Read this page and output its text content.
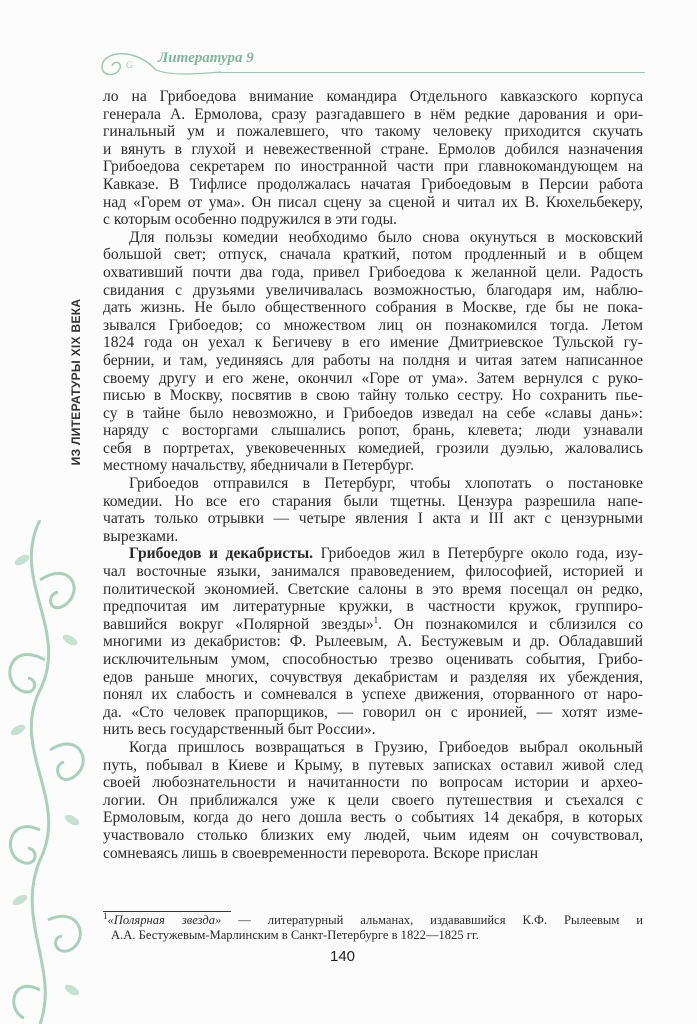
G Литература 9
ИЗ ЛИТЕРАТУРЫ XIX ВЕКА
ло на Грибоедова внимание командира Отдельного кавказского корпуса
генерала А. Ермолова, сразу разгадавшего в нём редкие дарования и ори-
гинальный ум и пожалевшего, что такому человеку приходится скучать
и вянуть в глухой и невежественной стране. Ермолов добился назначения
Грибоедова секретарем по иностранной части при главнокомандующем на
Кавказе. В Тифлисе продолжалась начатая Грибоедовым в Персии работа
над «Горем от ума». Он писал сцену за сценой и читал их В. Кюхельбекеру,
с которым особенно подружился в эти годы.
Для пользы комедии необходимо было снова окунуться в московский
большой свет; отпуск, сначала краткий, потом продленный и в общем
охвативший почти два года, привел Грибоедова к желанной цели. Радость
свидания с друзьями увеличивалась возможностью, благодаря им, наблю-
дать жизнь. Не было общественного собрания в Москве, где бы не пока-
зывался Грибоедов; со множеством лиц он познакомился тогда. Летом
1824 года он уехал к Бегичеву в его имение Дмитриевское Тульской гу-
бернии, и там, уединяясь для работы на полдня и читая затем написанное
своему другу и его жене, окончил «Горе от ума». Затем вернулся с руко-
писью в Москву, посвятив в свою тайну только сестру. Но сохранить пье-
су в тайне было невозможно, и Грибоедов изведал на себе «славы дань»:
наряду с восторгами слышались ропот, брань, клевета; люди узнавали
себя в портретах, увековеченных комедией, грозили дуэлью, жаловались
местному начальству, ябедничали в Петербург.
Грибоедов отправился в Петербург, чтобы хлопотать о постановке
комедии. Но все его старания были тщетны. Цензура разрешила напе-
чатать только отрывки — четыре явления I акта и III акт с цензурными
вырезками.
Грибоедов и декабристы. Грибоедов жил в Петербурге около года, изу-
чал восточные языки, занимался правоведением, философией, историей и
политической экономией. Светские салоны в это время посещал он редко,
предпочитая им литературные кружки, в частности кружок, группиро-
вавшийся вокруг «Полярной звезды»$^1$. Он познакомился и сблизился со
многими из декабристов: Ф. Рылеевым, А. Бестужевым и др. Обладавший
исключительным умом, способностью трезво оценивать события, Грибо-
едов раньше многих, сочувствуя декабристам и разделяя их убеждения,
понял их слабость и сомневался в успехе движения, оторванного от наро-
да. «Сто человек прапорщиков, — говорил он с иронией, — хотят изме-
нить весь государственный быт России».
Когда пришлось возвращаться в Грузию, Грибоедов выбрал окольный
путь, побывал в Киеве и Крыму, в путевых записках оставил живой след
своей любознательности и начитанности по вопросам истории и архео-
логии. Он приближался уже к цели своего путешествия и съехался с
Ермоловым, когда до него дошла весть о событиях 14 декабря, в которых
участвовало столько близких ему людей, чьим идеям он сочувствовал,
сомневаясь лишь в своевременности переворота. Вскоре прислан
$^1$«Полярная звезда» — литературный альманах, издававшийся К.Ф. Рылеевым и
А.А. Бестужевым-Марлинским в Санкт-Петербурге в 1822—1825 гг.
140
